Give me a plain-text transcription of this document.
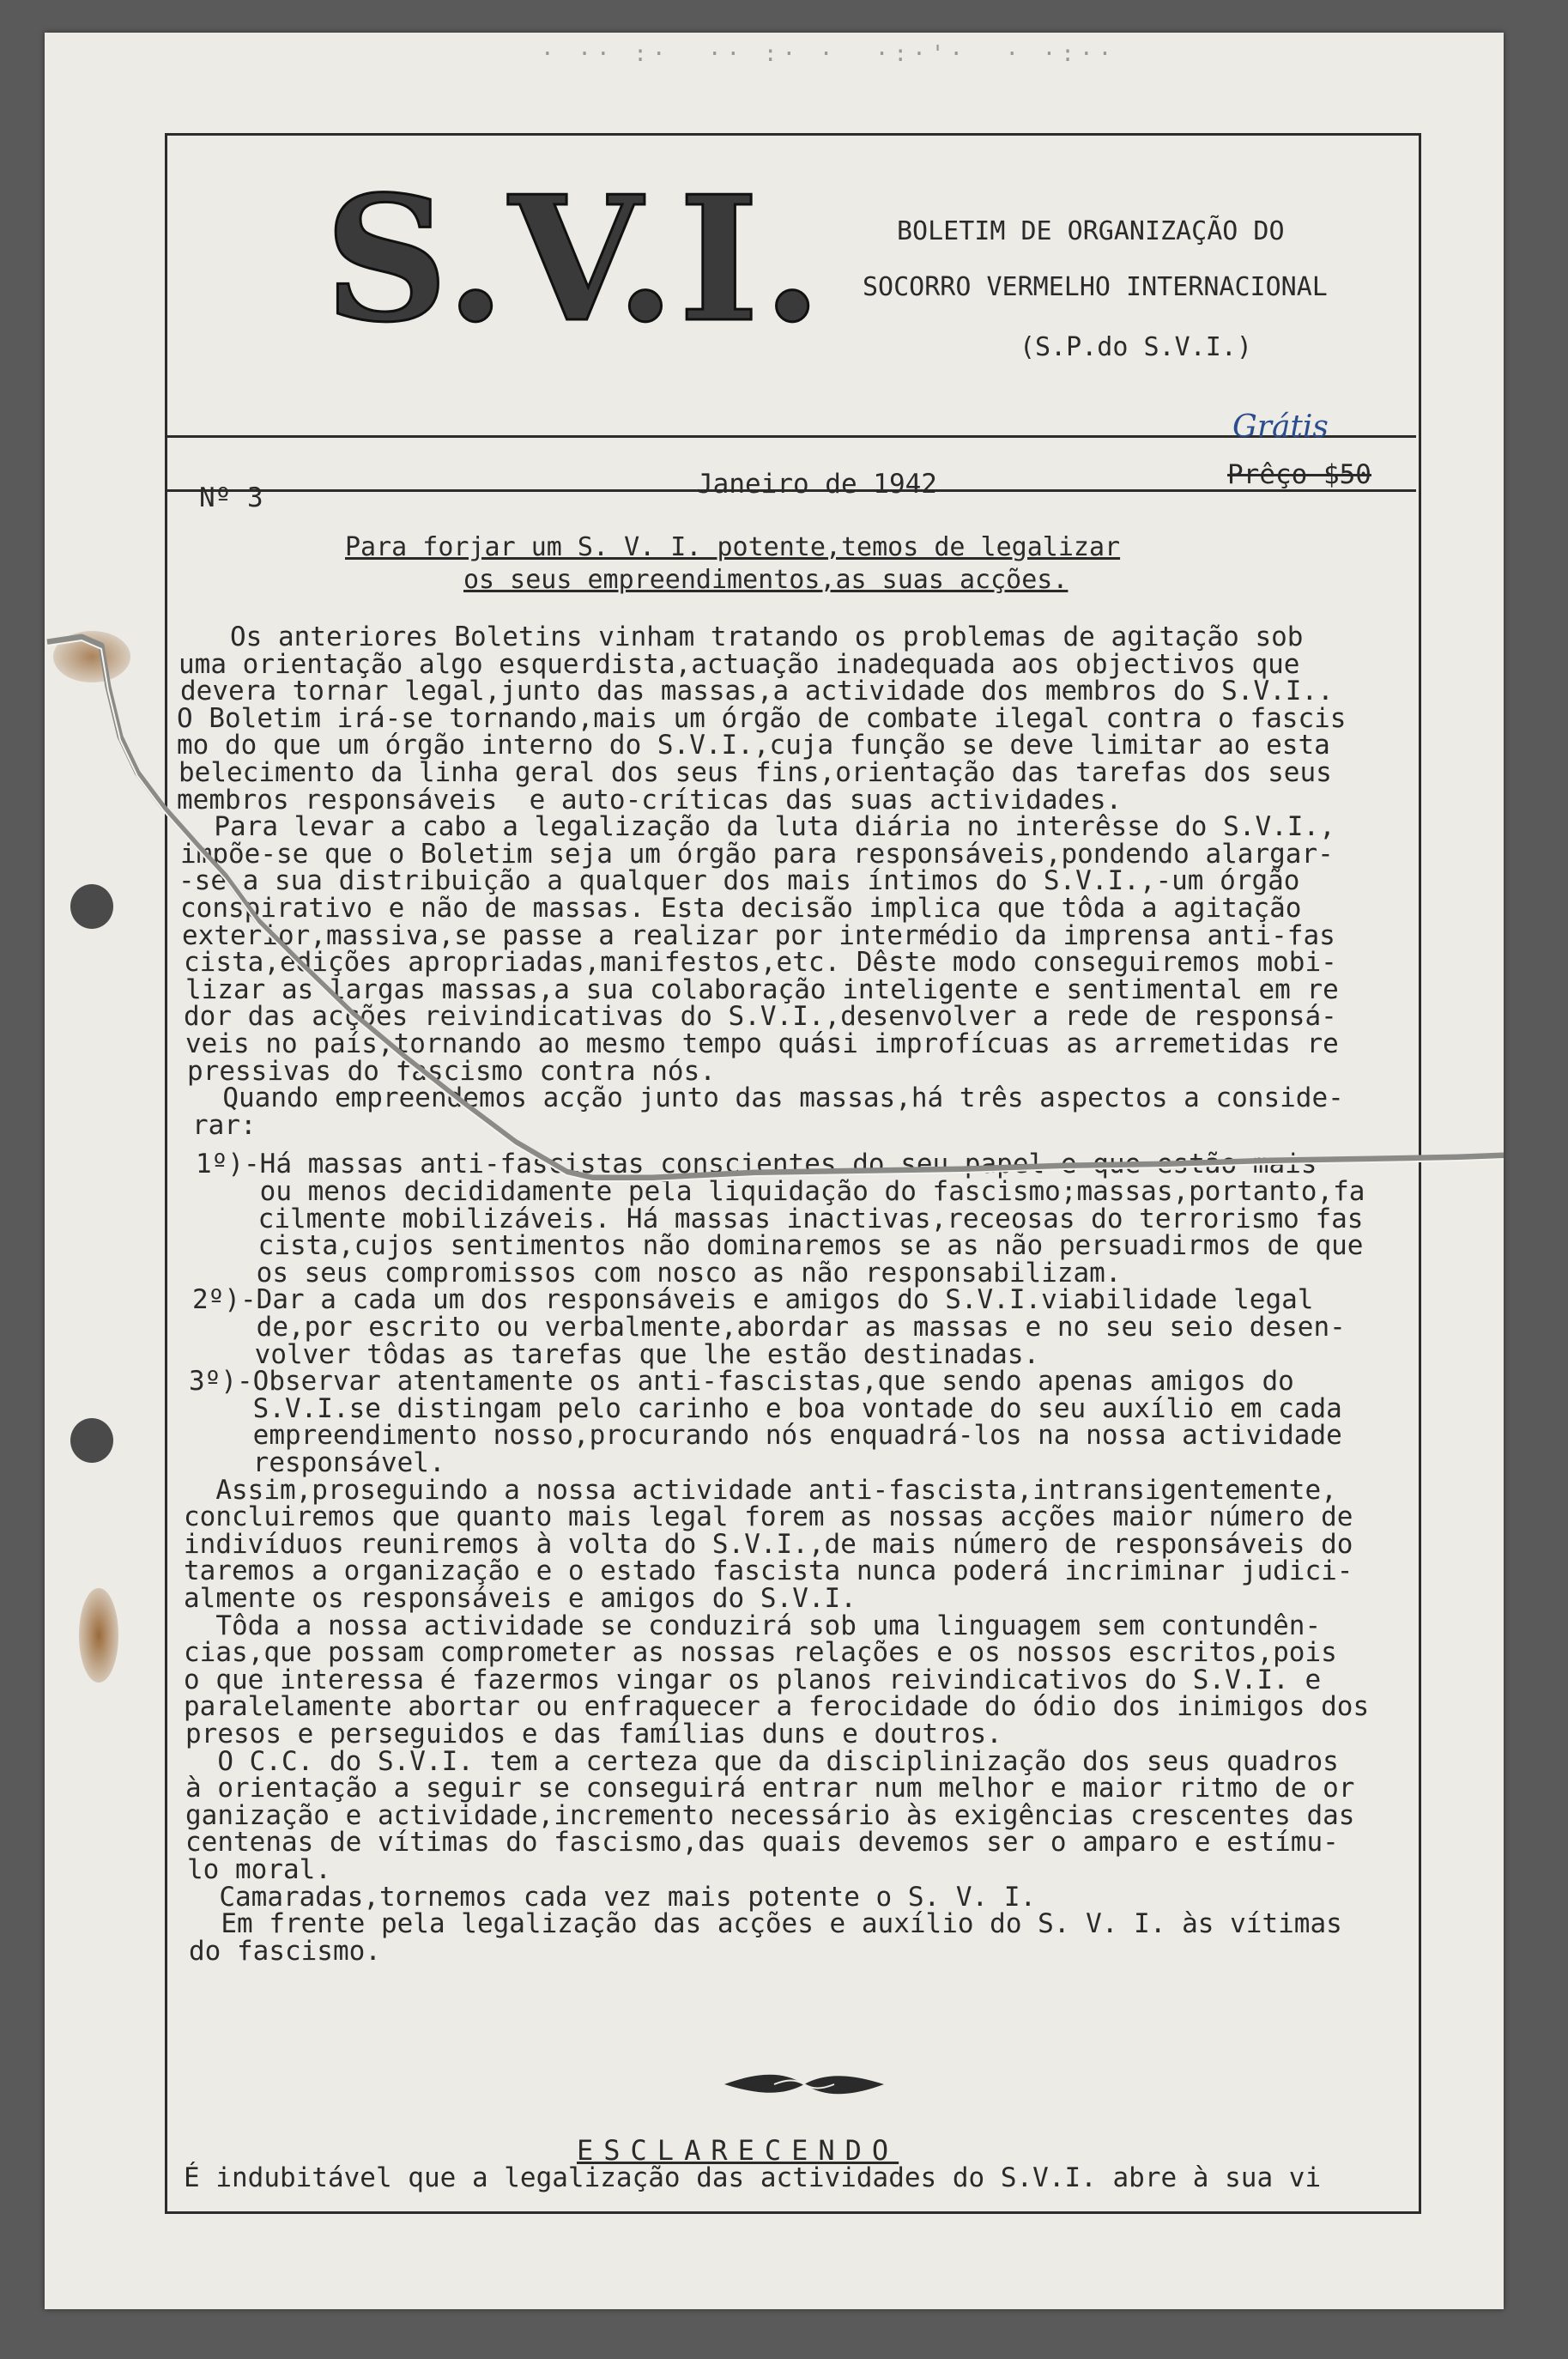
· ·· :·  ·· :· ·  ·:·'·  · ·:··
S.V.I.	BOLETIM DE ORGANIZAÇÃO DO
SOCORRO VERMELHO INTERNACIONAL
(S.P.do S.V.I.)
Nº 3	Janeiro de 1942
Grátis
Prêço $50
Para forjar um S. V. I. potente,temos de legalizar
os seus empreendimentos,as suas acções.
Os anteriores Boletins vinham tratando os problemas de agitação sob
uma orientação algo esquerdista,actuação inadequada aos objectivos que
devera tornar legal,junto das massas,a actividade dos membros do S.V.I..
O Boletim irá-se tornando,mais um órgão de combate ilegal contra o fascis
mo do que um órgão interno do S.V.I.,cuja função se deve limitar ao esta
belecimento da linha geral dos seus fins,orientação das tarefas dos seus
membros responsáveis  e auto-críticas das suas actividades.
Para levar a cabo a legalização da luta diária no interêsse do S.V.I.,
impõe-se que o Boletim seja um órgão para responsáveis,pondendo alargar-
-se a sua distribuição a qualquer dos mais íntimos do S.V.I.,-um órgão
conspirativo e não de massas. Esta decisão implica que tôda a agitação
exterior,massiva,se passe a realizar por intermédio da imprensa anti-fas
cista,edições apropriadas,manifestos,etc. Dêste modo conseguiremos mobi-
lizar as largas massas,a sua colaboração inteligente e sentimental em re
dor das acções reivindicativas do S.V.I.,desenvolver a rede de responsá-
veis no país,tornando ao mesmo tempo quási improfícuas as arremetidas re
pressivas do fascismo contra nós.
Quando empreendemos acção junto das massas,há três aspectos a conside-
rar:
1º)-Há massas anti-fascistas conscientes do seu papel e que estão mais
ou menos decididamente pela liquidação do fascismo;massas,portanto,fa
cilmente mobilizáveis. Há massas inactivas,receosas do terrorismo fas
cista,cujos sentimentos não dominaremos se as não persuadirmos de que
os seus compromissos com nosco as não responsabilizam.
2º)-Dar a cada um dos responsáveis e amigos do S.V.I.viabilidade legal
de,por escrito ou verbalmente,abordar as massas e no seu seio desen-
volver tôdas as tarefas que lhe estão destinadas.
3º)-Observar atentamente os anti-fascistas,que sendo apenas amigos do
S.V.I.se distingam pelo carinho e boa vontade do seu auxílio em cada
empreendimento nosso,procurando nós enquadrá-los na nossa actividade
responsável.
Assim,proseguindo a nossa actividade anti-fascista,intransigentemente,
concluiremos que quanto mais legal forem as nossas acções maior número de
indivíduos reuniremos à volta do S.V.I.,de mais número de responsáveis do
taremos a organização e o estado fascista nunca poderá incriminar judici-
almente os responsáveis e amigos do S.V.I.
Tôda a nossa actividade se conduzirá sob uma linguagem sem contundên-
cias,que possam comprometer as nossas relações e os nossos escritos,pois
o que interessa é fazermos vingar os planos reivindicativos do S.V.I. e
paralelamente abortar ou enfraquecer a ferocidade do ódio dos inimigos dos
presos e perseguidos e das famílias duns e doutros.
O C.C. do S.V.I. tem a certeza que da disciplinização dos seus quadros
à orientação a seguir se conseguirá entrar num melhor e maior ritmo de or
ganização e actividade,incremento necessário às exigências crescentes das
centenas de vítimas do fascismo,das quais devemos ser o amparo e estímu-
lo moral.
Camaradas,tornemos cada vez mais potente o S. V. I.
Em frente pela legalização das acções e auxílio do S. V. I. às vítimas
do fascismo.
ESCLARECENDO
É indubitável que a legalização das actividades do S.V.I. abre à sua vi
